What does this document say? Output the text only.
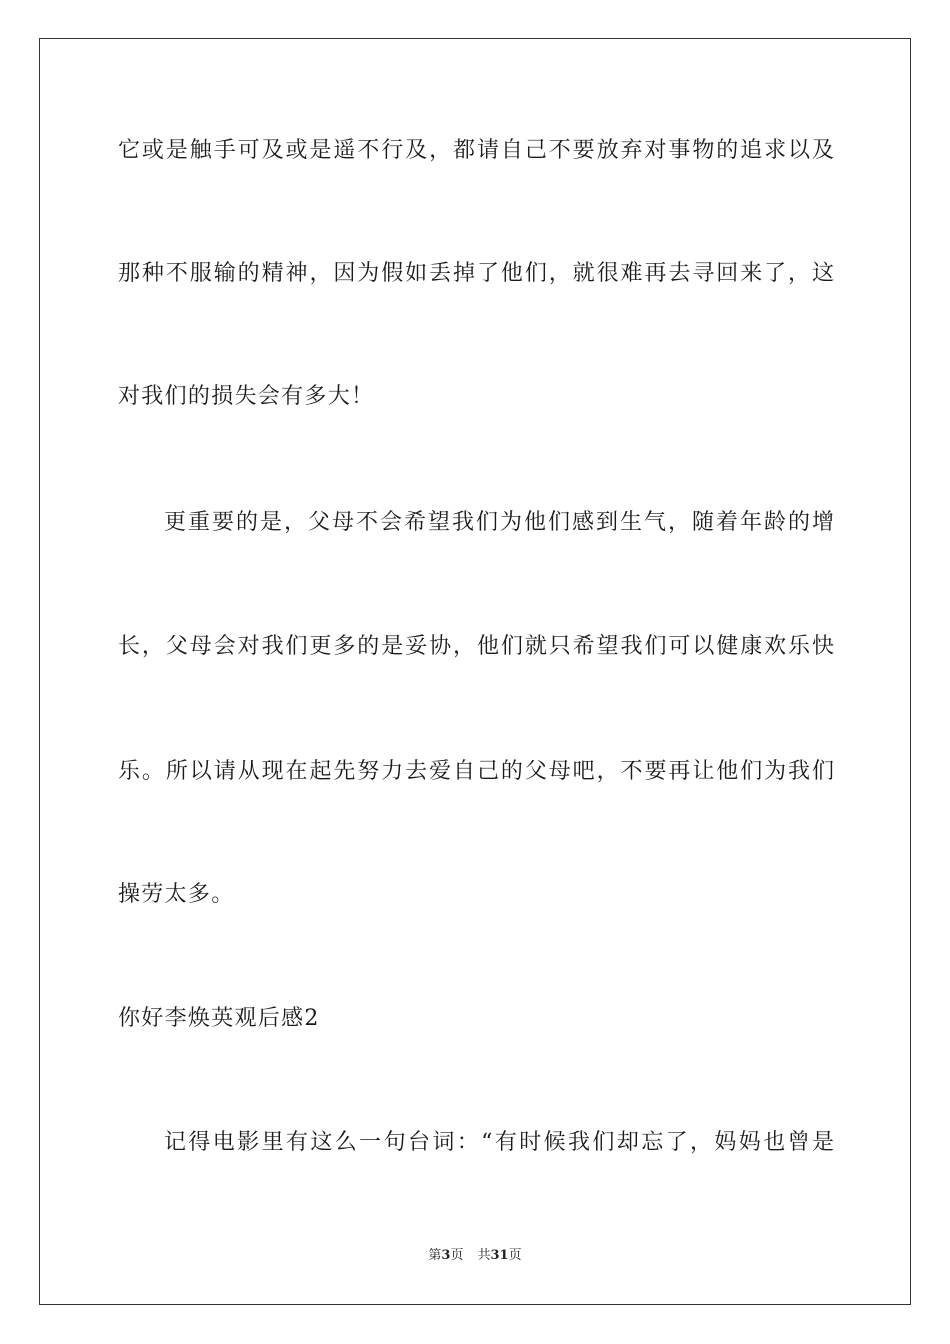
它或是触手可及或是遥不行及，都请自己不要放弃对事物的追求以及
那种不服输的精神，因为假如丢掉了他们，就很难再去寻回来了，这
对我们的损失会有多大！
更重要的是，父母不会希望我们为他们感到生气，随着年龄的增
长，父母会对我们更多的是妥协，他们就只希望我们可以健康欢乐快
乐。所以请从现在起先努力去爱自己的父母吧，不要再让他们为我们
操劳太多。
你好李焕英观后感2
记得电影里有这么一句台词：“有时候我们却忘了，妈妈也曾是
第3页 共31页
